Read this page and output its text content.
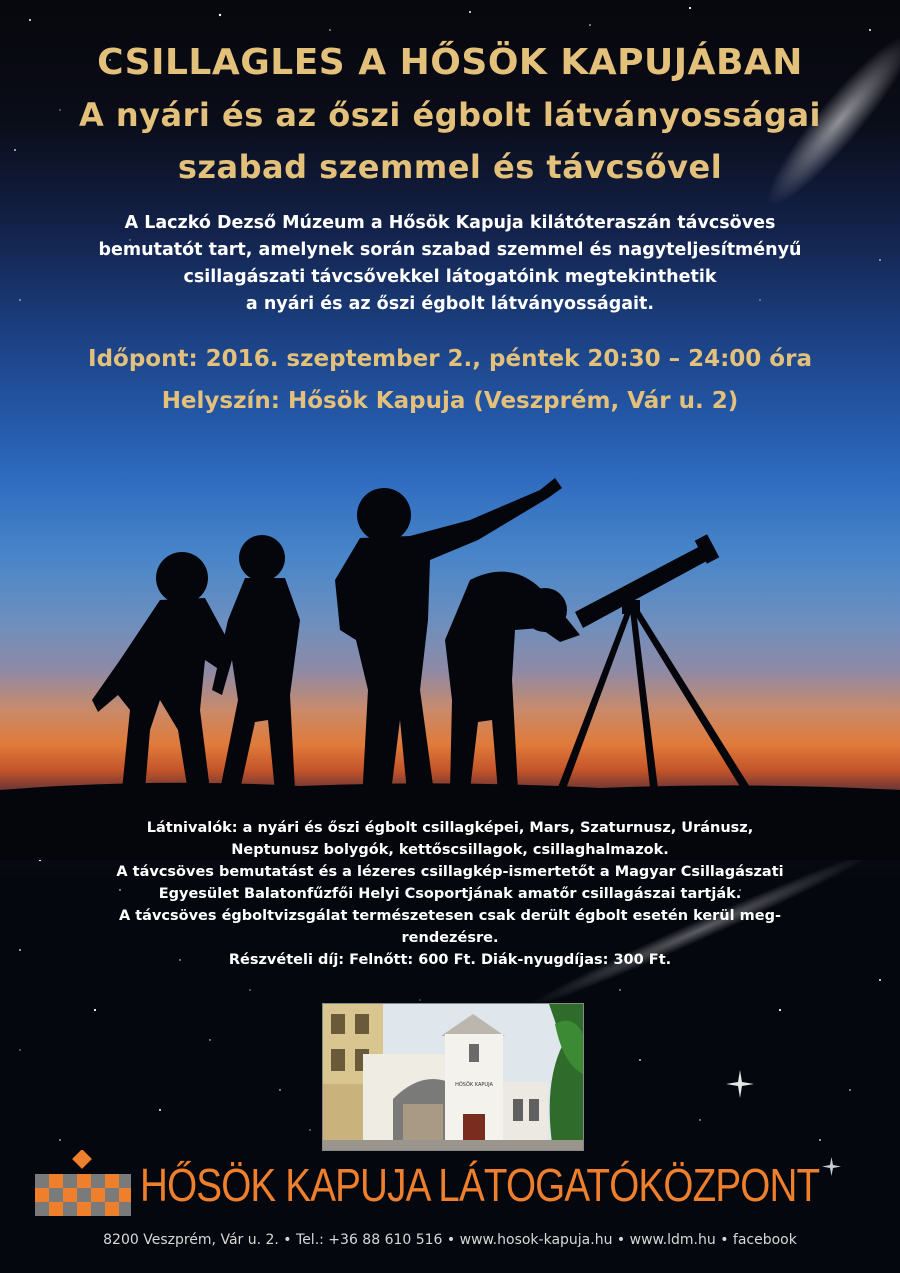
CSILLAGLES A HŐSÖK KAPUJÁBAN
A nyári és az őszi égbolt látványosságai
szabad szemmel és távcsővel
A Laczkó Dezső Múzeum a Hősök Kapuja kilátóteraszán távcsöves
bemutatót tart, amelynek során szabad szemmel és nagyteljesítményű
csillagászati távcsővekkel látogatóink megtekinthetik
a nyári és az őszi égbolt látványosságait.
Időpont: 2016. szeptember 2., péntek 20:30 – 24:00 óra
Helyszín: Hősök Kapuja (Veszprém, Vár u. 2)
Látnivalók: a nyári és őszi égbolt csillagképei, Mars, Szaturnusz, Uránusz,
Neptunusz bolygók, kettőscsillagok, csillaghalmazok.
A távcsöves bemutatást és a lézeres csillagkép-ismertetőt a Magyar Csillagászati
Egyesület Balatonfűzfői Helyi Csoportjának amatőr csillagászai tartják.
A távcsöves égboltvizsgálat természetesen csak derült égbolt esetén kerül meg-
rendezésre.
Részvételi díj: Felnőtt: 600 Ft. Diák-nyugdíjas: 300 Ft.
HŐSÖK KAPUJA
HŐSÖK KAPUJA LÁTOGATÓKÖZPONT
8200 Veszprém, Vár u. 2. • Tel.: +36 88 610 516 • www.hosok-kapuja.hu • www.ldm.hu • facebook
